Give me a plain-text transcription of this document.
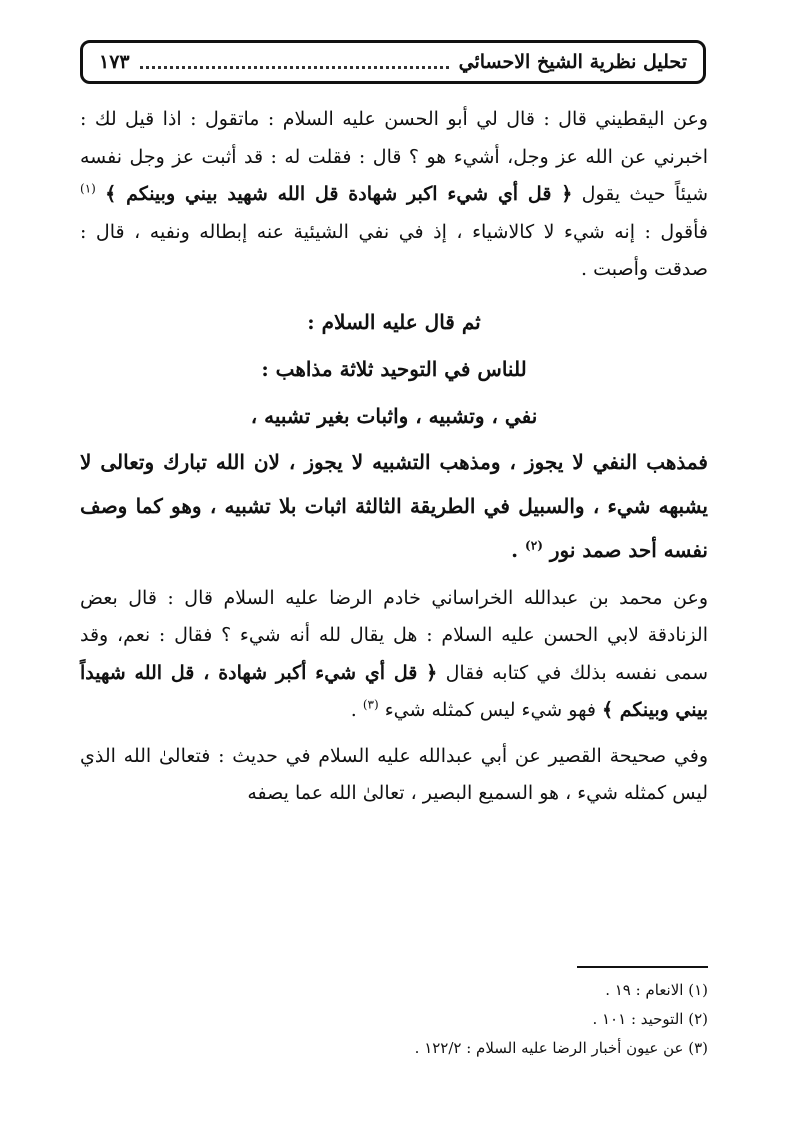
تحليل نظرية الشيخ الاحسائي
١٧٣

وعن اليقطيني قال : قال لي أبو الحسن عليه السلام : ماتقول : اذا قيل لك : اخبرني عن الله عز وجل، أشيء هو ؟ قال : فقلت له : قد أثبت عز وجل نفسه شيئاً حيث يقول ﴿ قل أي شيء اكبر شهادة قل الله شهيد بيني وبينكم ﴾ $^{(١)}$ فأقول : إنه شيء لا كالاشياء ، إذ في نفي الشيئية عنه إبطاله ونفيه ، قال : صدقت وأصبت .

ثم قال عليه السلام :

للناس في التوحيد ثلاثة مذاهب :

نفي ، وتشبيه ، واثبات بغير تشبيه ،

فمذهب النفي لا يجوز ، ومذهب التشبيه لا يجوز ، لان الله تبارك وتعالى لا يشبهه شيء ، والسبيل في الطريقة الثالثة اثبات بلا تشبيه ، وهو كما وصف نفسه أحد صمد نور $^{(٢)}$ .

وعن محمد بن عبدالله الخراساني خادم الرضا عليه السلام قال : قال بعض الزنادقة لابي الحسن عليه السلام : هل يقال لله أنه شيء ؟ فقال : نعم، وقد سمى نفسه بذلك في كتابه فقال ﴿ قل أي شيء أكبر شهادة ، قل الله شهيداً بيني وبينكم ﴾ فهو شيء ليس كمثله شيء $^{(٣)}$ .

وفي صحيحة القصير عن أبي عبدالله عليه السلام في حديث : فتعالىٰ الله الذي ليس كمثله شيء ، هو السميع البصير ، تعالىٰ الله عما يصفه

(١) الانعام : ١٩ .
(٢) التوحيد : ١٠١ .
(٣) عن عيون أخبار الرضا عليه السلام : ١٢٢/٢ .
